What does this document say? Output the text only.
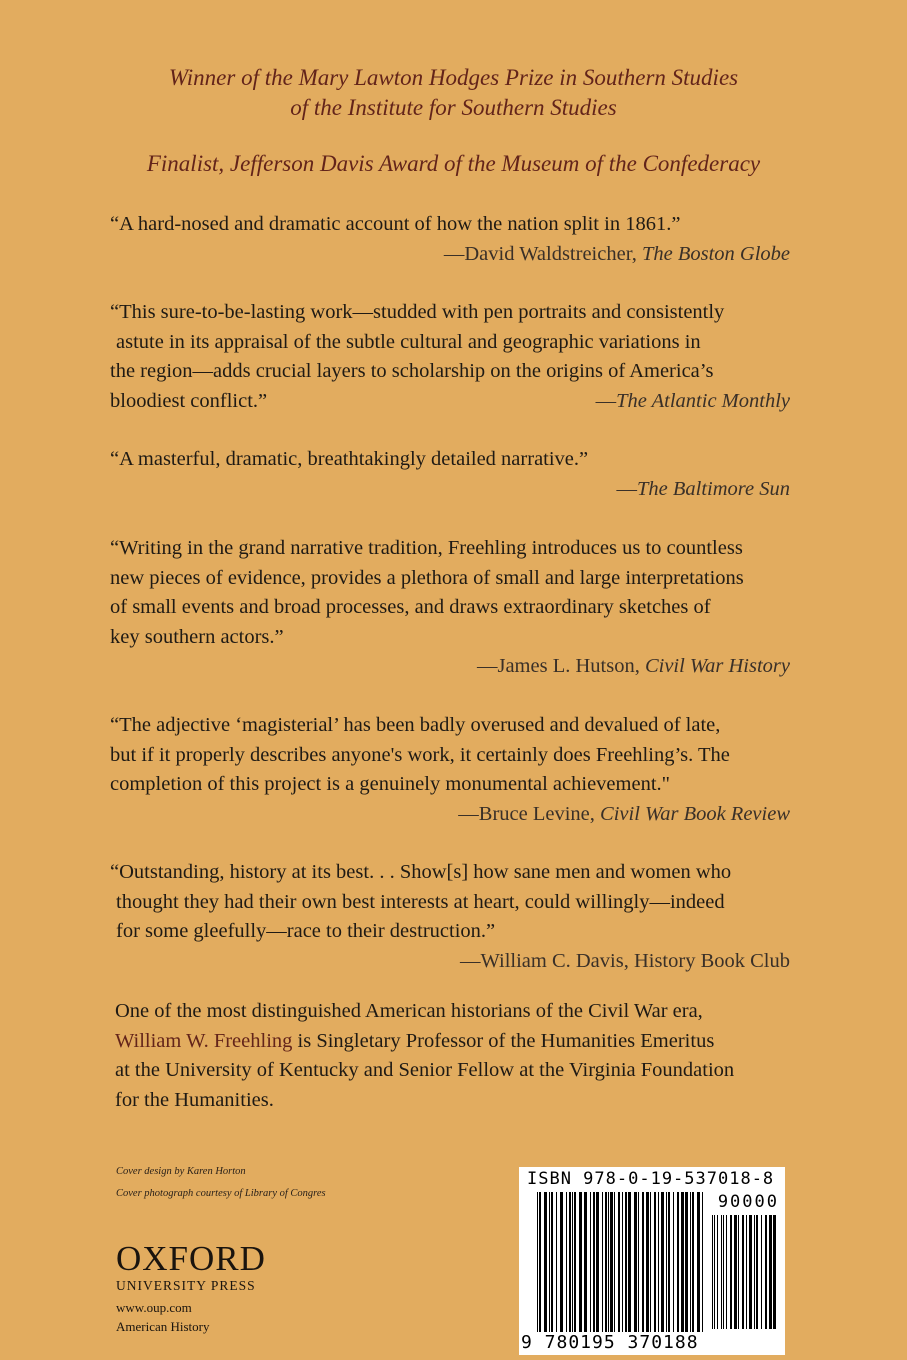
Winner of the Mary Lawton Hodges Prize in Southern Studies
of the Institute for Southern Studies
Finalist, Jefferson Davis Award of the Museum of the Confederacy
“A hard-nosed and dramatic account of how the nation split in 1861.”
—David Waldstreicher, The Boston Globe
“This sure-to-be-lasting work—studded with pen portraits and consistently
astute in its appraisal of the subtle cultural and geographic variations in
the region—adds crucial layers to scholarship on the origins of America’s
bloodiest conflict.”	—The Atlantic Monthly
“A masterful, dramatic, breathtakingly detailed narrative.”
—The Baltimore Sun
“Writing in the grand narrative tradition, Freehling introduces us to countless
new pieces of evidence, provides a plethora of small and large interpretations
of small events and broad processes, and draws extraordinary sketches of
key southern actors.”
—James L. Hutson, Civil War History
“The adjective ‘magisterial’ has been badly overused and devalued of late,
but if it properly describes anyone's work, it certainly does Freehling’s. The
completion of this project is a genuinely monumental achievement."
—Bruce Levine, Civil War Book Review
“Outstanding, history at its best. . . Show[s] how sane men and women who
thought they had their own best interests at heart, could willingly—indeed
for some gleefully—race to their destruction.”
—William C. Davis, History Book Club
One of the most distinguished American historians of the Civil War era,
William W. Freehling is Singletary Professor of the Humanities Emeritus
at the University of Kentucky and Senior Fellow at the Virginia Foundation
for the Humanities.
Cover design by Karen Horton
Cover photograph courtesy of Library of Congres
OXFORD
UNIVERSITY PRESS
www.oup.com
American History
ISBN 978-0-19-537018-8
90000
9 780195 370188
